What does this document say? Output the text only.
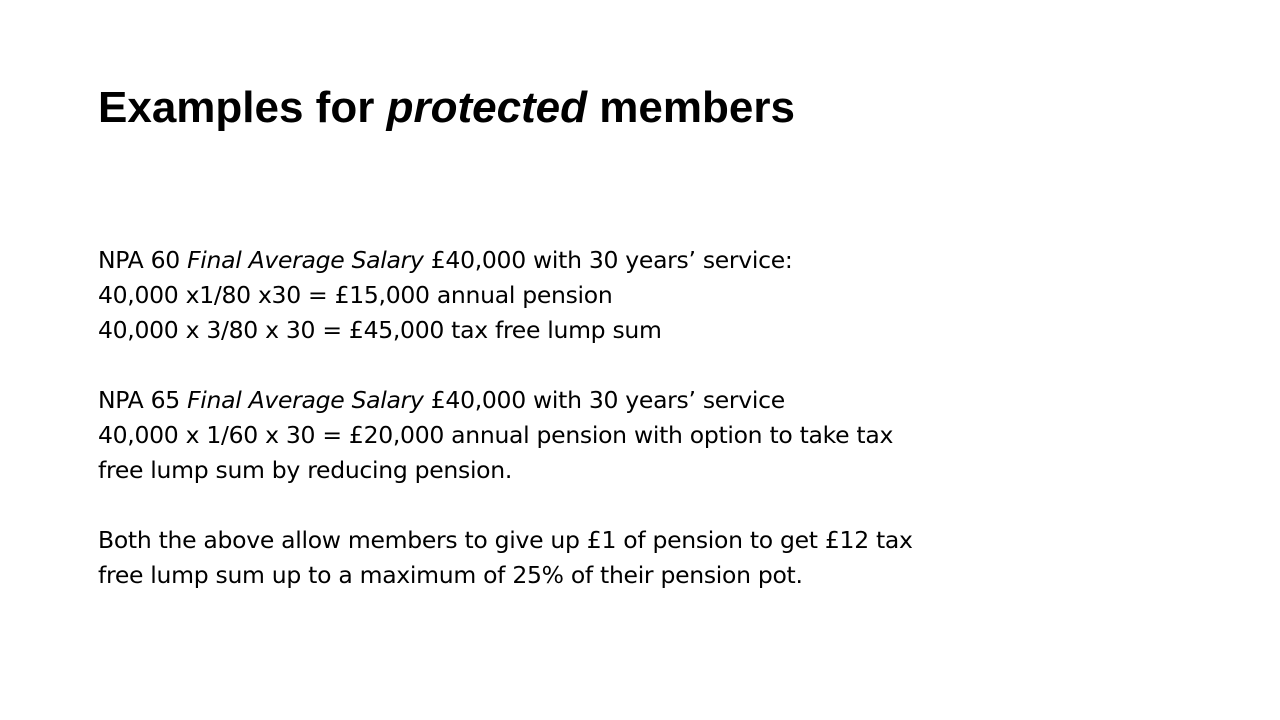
Examples for protected members

NPA 60 Final Average Salary £40,000 with 30 years’ service:
40,000 x1/80 x30 = £15,000 annual pension
40,000 x 3/80 x 30 = £45,000 tax free lump sum

NPA 65 Final Average Salary £40,000 with 30 years’ service
40,000 x 1/60 x 30 = £20,000 annual pension with option to take tax
free lump sum by reducing pension.

Both the above allow members to give up £1 of pension to get £12 tax
free lump sum up to a maximum of 25% of their pension pot.
